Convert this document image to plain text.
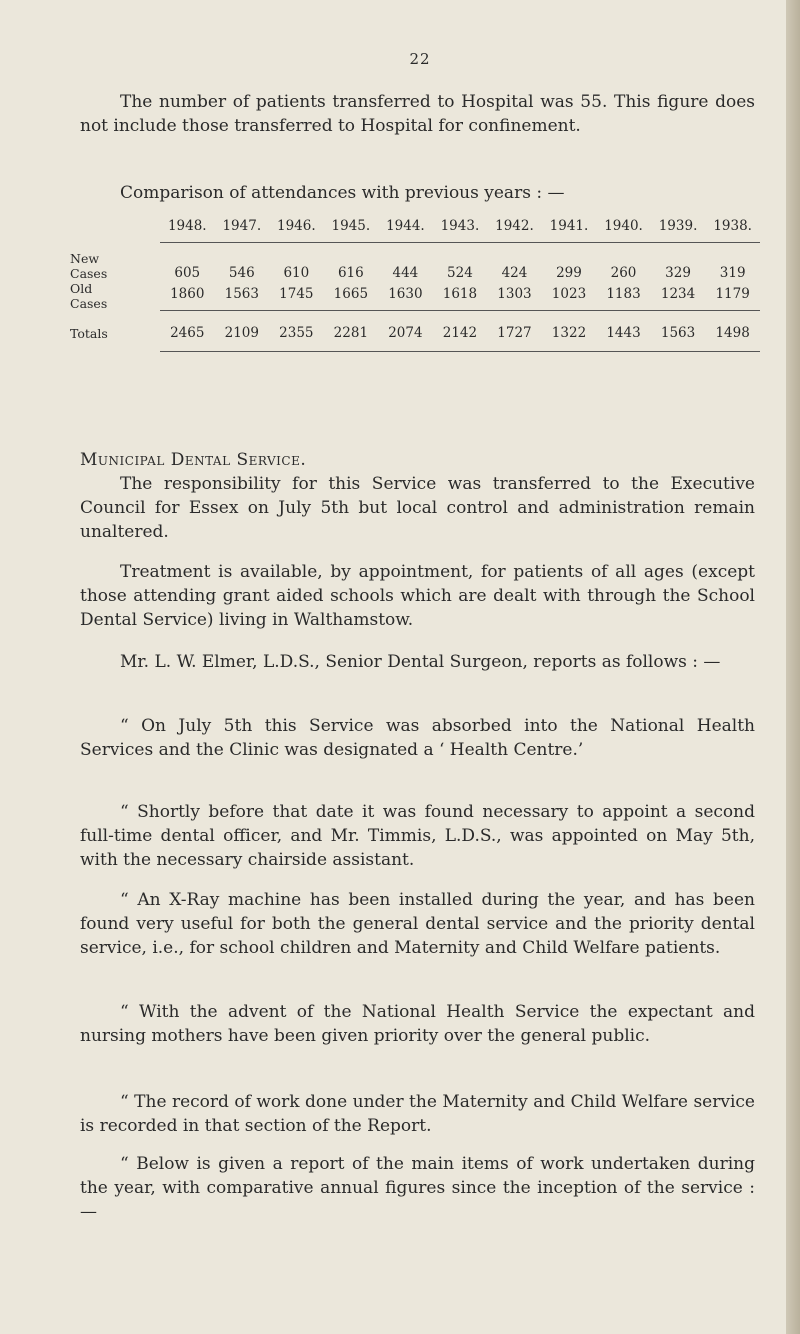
22

The number of patients transferred to Hospital was 55. This figure does not include those transferred to Hospital for confinement.

Comparison of attendances with previous years : —
	1948.	1947.	1946.	1945.	1944.	1943.	1942.	1941.	1940.	1939.	1938.
New
Cases	605	546	610	616	444	524	424	299	260	329	319
Old
Cases	1860	1563	1745	1665	1630	1618	1303	1023	1183	1234	1179
Totals	2465	2109	2355	2281	2074	2142	1727	1322	1443	1563	1498
Municipal Dental Service.

The responsibility for this Service was transferred to the Executive Council for Essex on July 5th but local control and administration remain unaltered.

Treatment is available, by appointment, for patients of all ages (except those attending grant aided schools which are dealt with through the School Dental Service) living in Walthamstow.

Mr. L. W. Elmer, L.D.S., Senior Dental Surgeon, reports as follows : —

“ On July 5th this Service was absorbed into the National Health Services and the Clinic was designated a ‘ Health Centre.’

“ Shortly before that date it was found necessary to appoint a second full-time dental officer, and Mr. Timmis, L.D.S., was appointed on May 5th, with the necessary chairside assistant.

“ An X-Ray machine has been installed during the year, and has been found very useful for both the general dental service and the priority dental service, i.e., for school children and Maternity and Child Welfare patients.

“ With the advent of the National Health Service the expectant and nursing mothers have been given priority over the general public.

“ The record of work done under the Maternity and Child Welfare service is recorded in that section of the Report.

“ Below is given a report of the main items of work undertaken during the year, with comparative annual figures since the inception of the service : —
